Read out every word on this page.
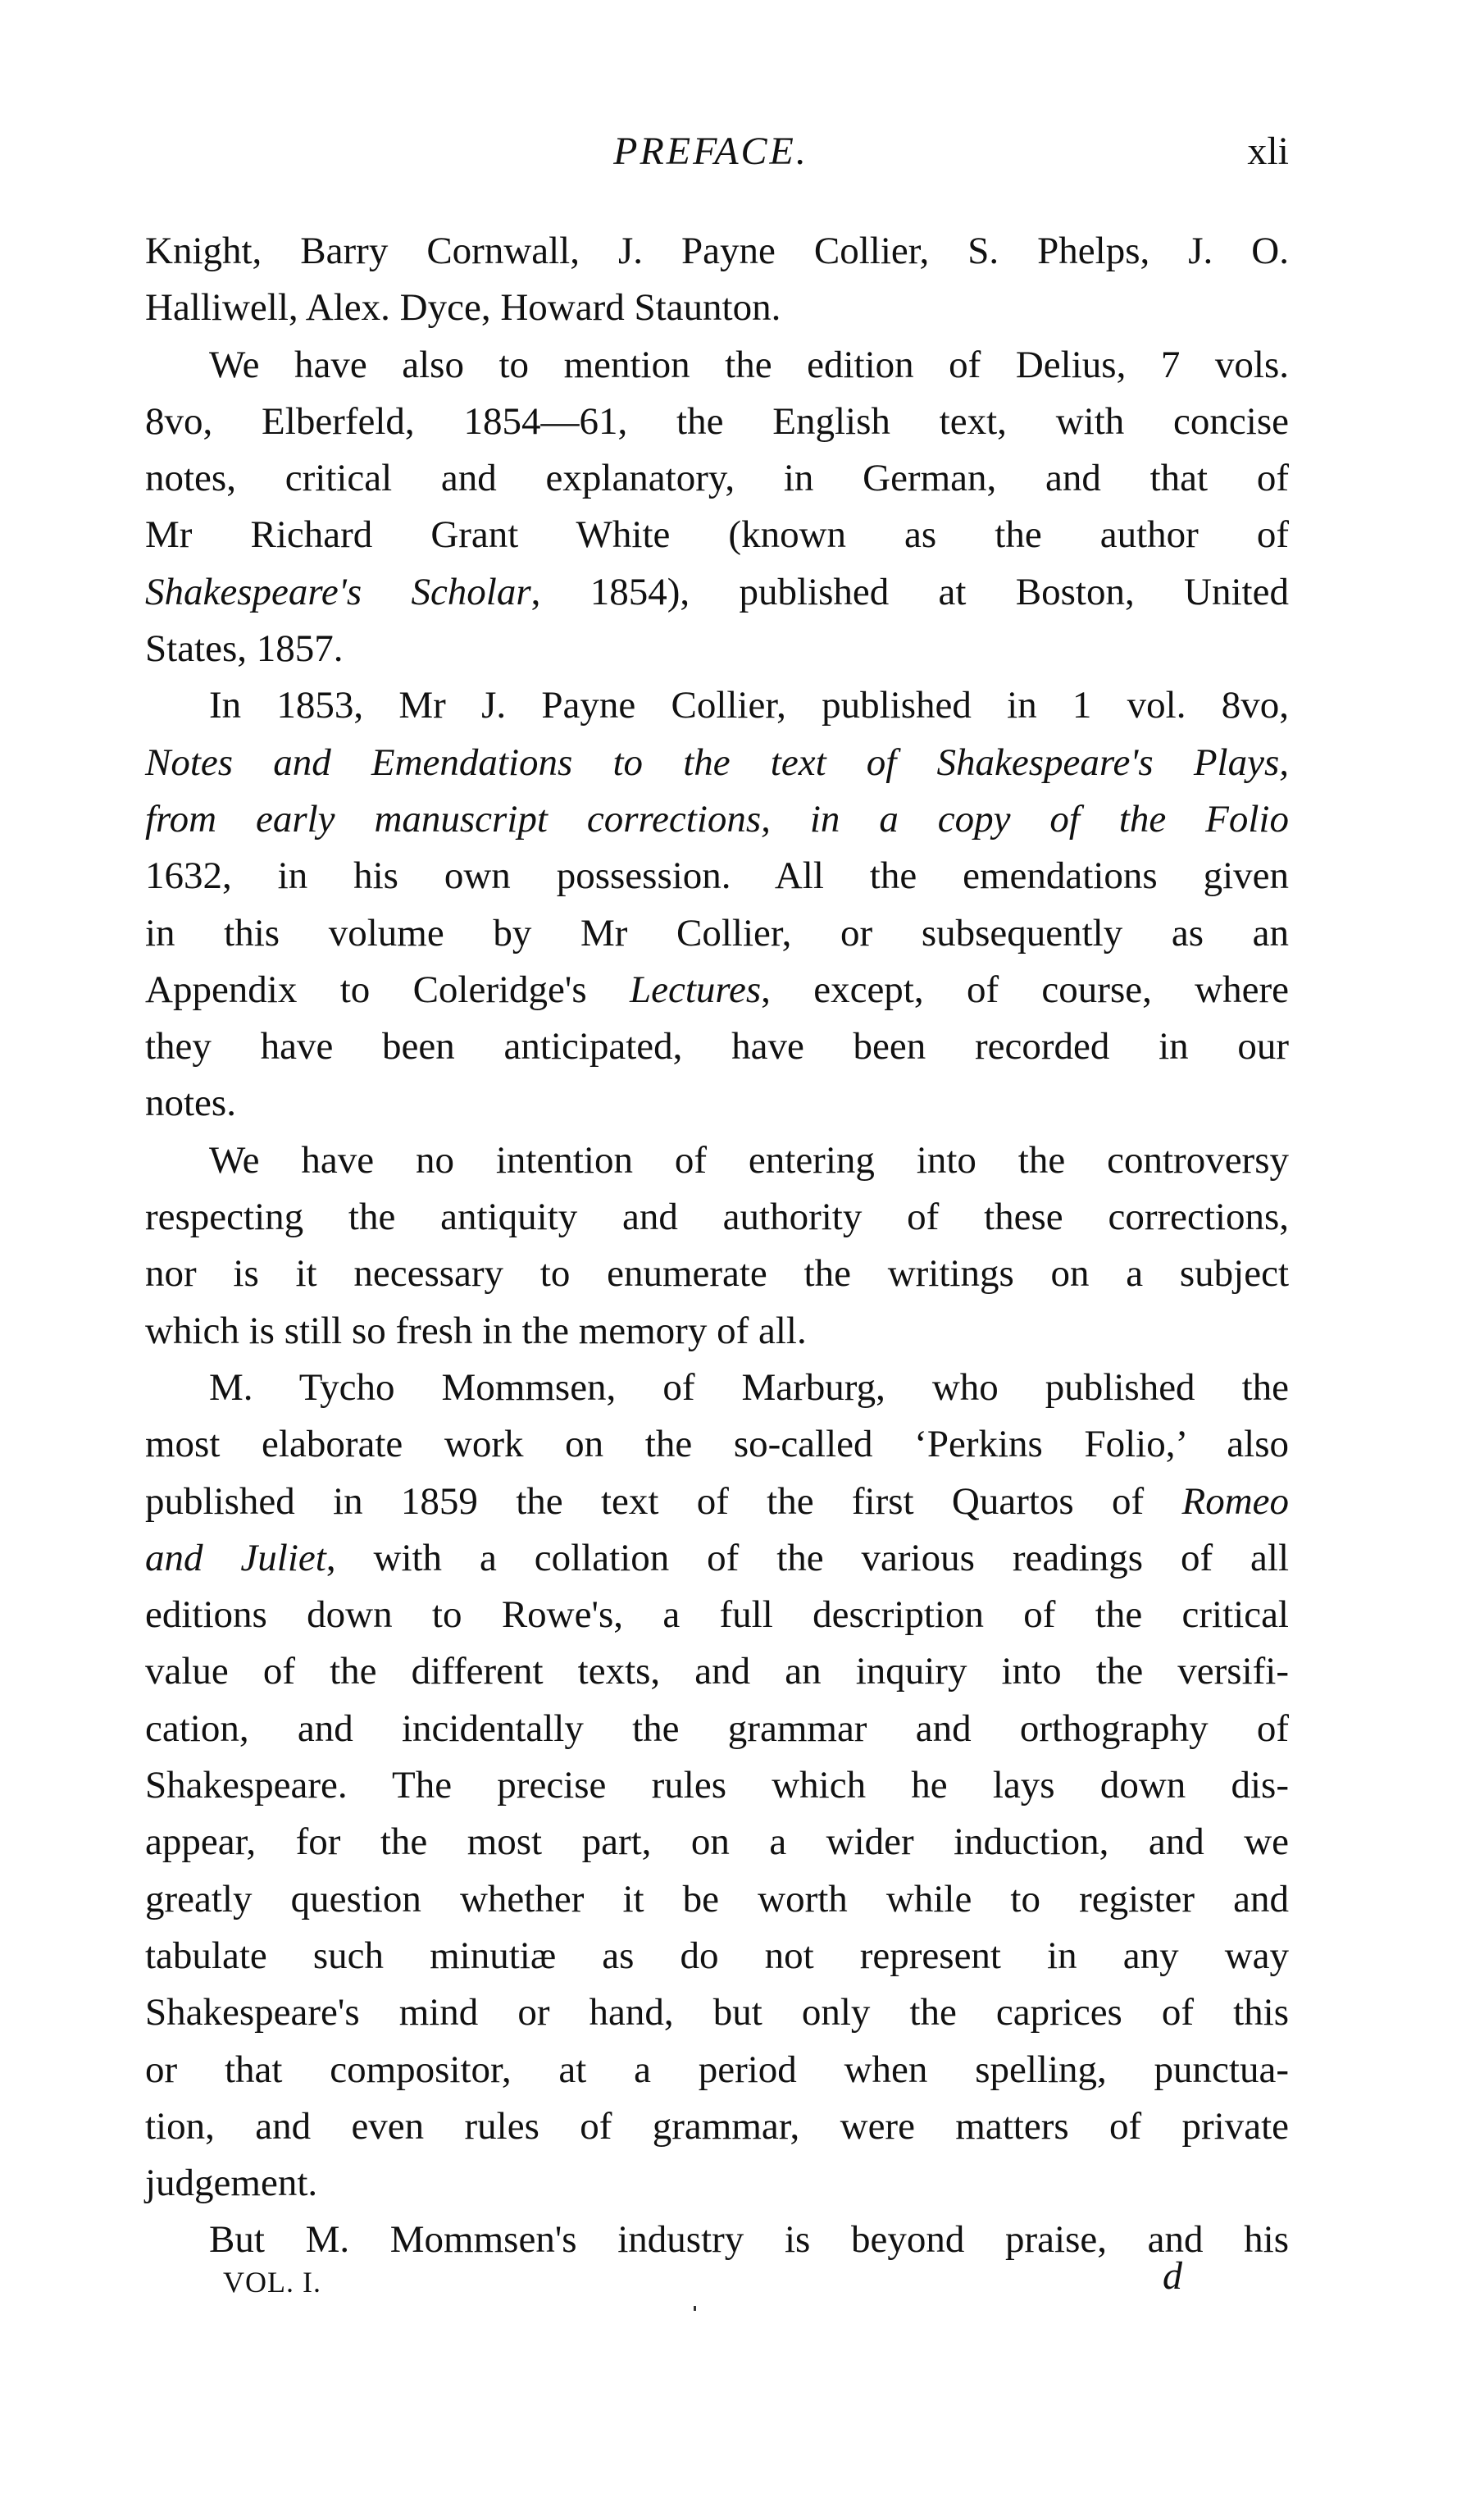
PREFACE.	xli
Knight, Barry Cornwall, J. Payne Collier, S. Phelps, J. O.
Halliwell, Alex. Dyce, Howard Staunton.
We have also to mention the edition of Delius, 7 vols.
8vo, Elberfeld, 1854—61, the English text, with concise
notes, critical and explanatory, in German, and that of
Mr Richard Grant White (known as the author of
Shakespeare's Scholar, 1854), published at Boston, United
States, 1857.
In 1853, Mr J. Payne Collier, published in 1 vol. 8vo,
Notes and Emendations to the text of Shakespeare's Plays,
from early manuscript corrections, in a copy of the Folio
1632, in his own possession. All the emendations given
in this volume by Mr Collier, or subsequently as an
Appendix to Coleridge's Lectures, except, of course, where
they have been anticipated, have been recorded in our
notes.
We have no intention of entering into the controversy
respecting the antiquity and authority of these corrections,
nor is it necessary to enumerate the writings on a subject
which is still so fresh in the memory of all.
M. Tycho Mommsen, of Marburg, who published the
most elaborate work on the so-called ‘Perkins Folio,’ also
published in 1859 the text of the first Quartos of Romeo
and Juliet, with a collation of the various readings of all
editions down to Rowe's, a full description of the critical
value of the different texts, and an inquiry into the versifi-
cation, and incidentally the grammar and orthography of
Shakespeare. The precise rules which he lays down dis-
appear, for the most part, on a wider induction, and we
greatly question whether it be worth while to register and
tabulate such minutiæ as do not represent in any way
Shakespeare's mind or hand, but only the caprices of this
or that compositor, at a period when spelling, punctua-
tion, and even rules of grammar, were matters of private
judgement.
But M. Mommsen's industry is beyond praise, and his
VOL. I.	d
